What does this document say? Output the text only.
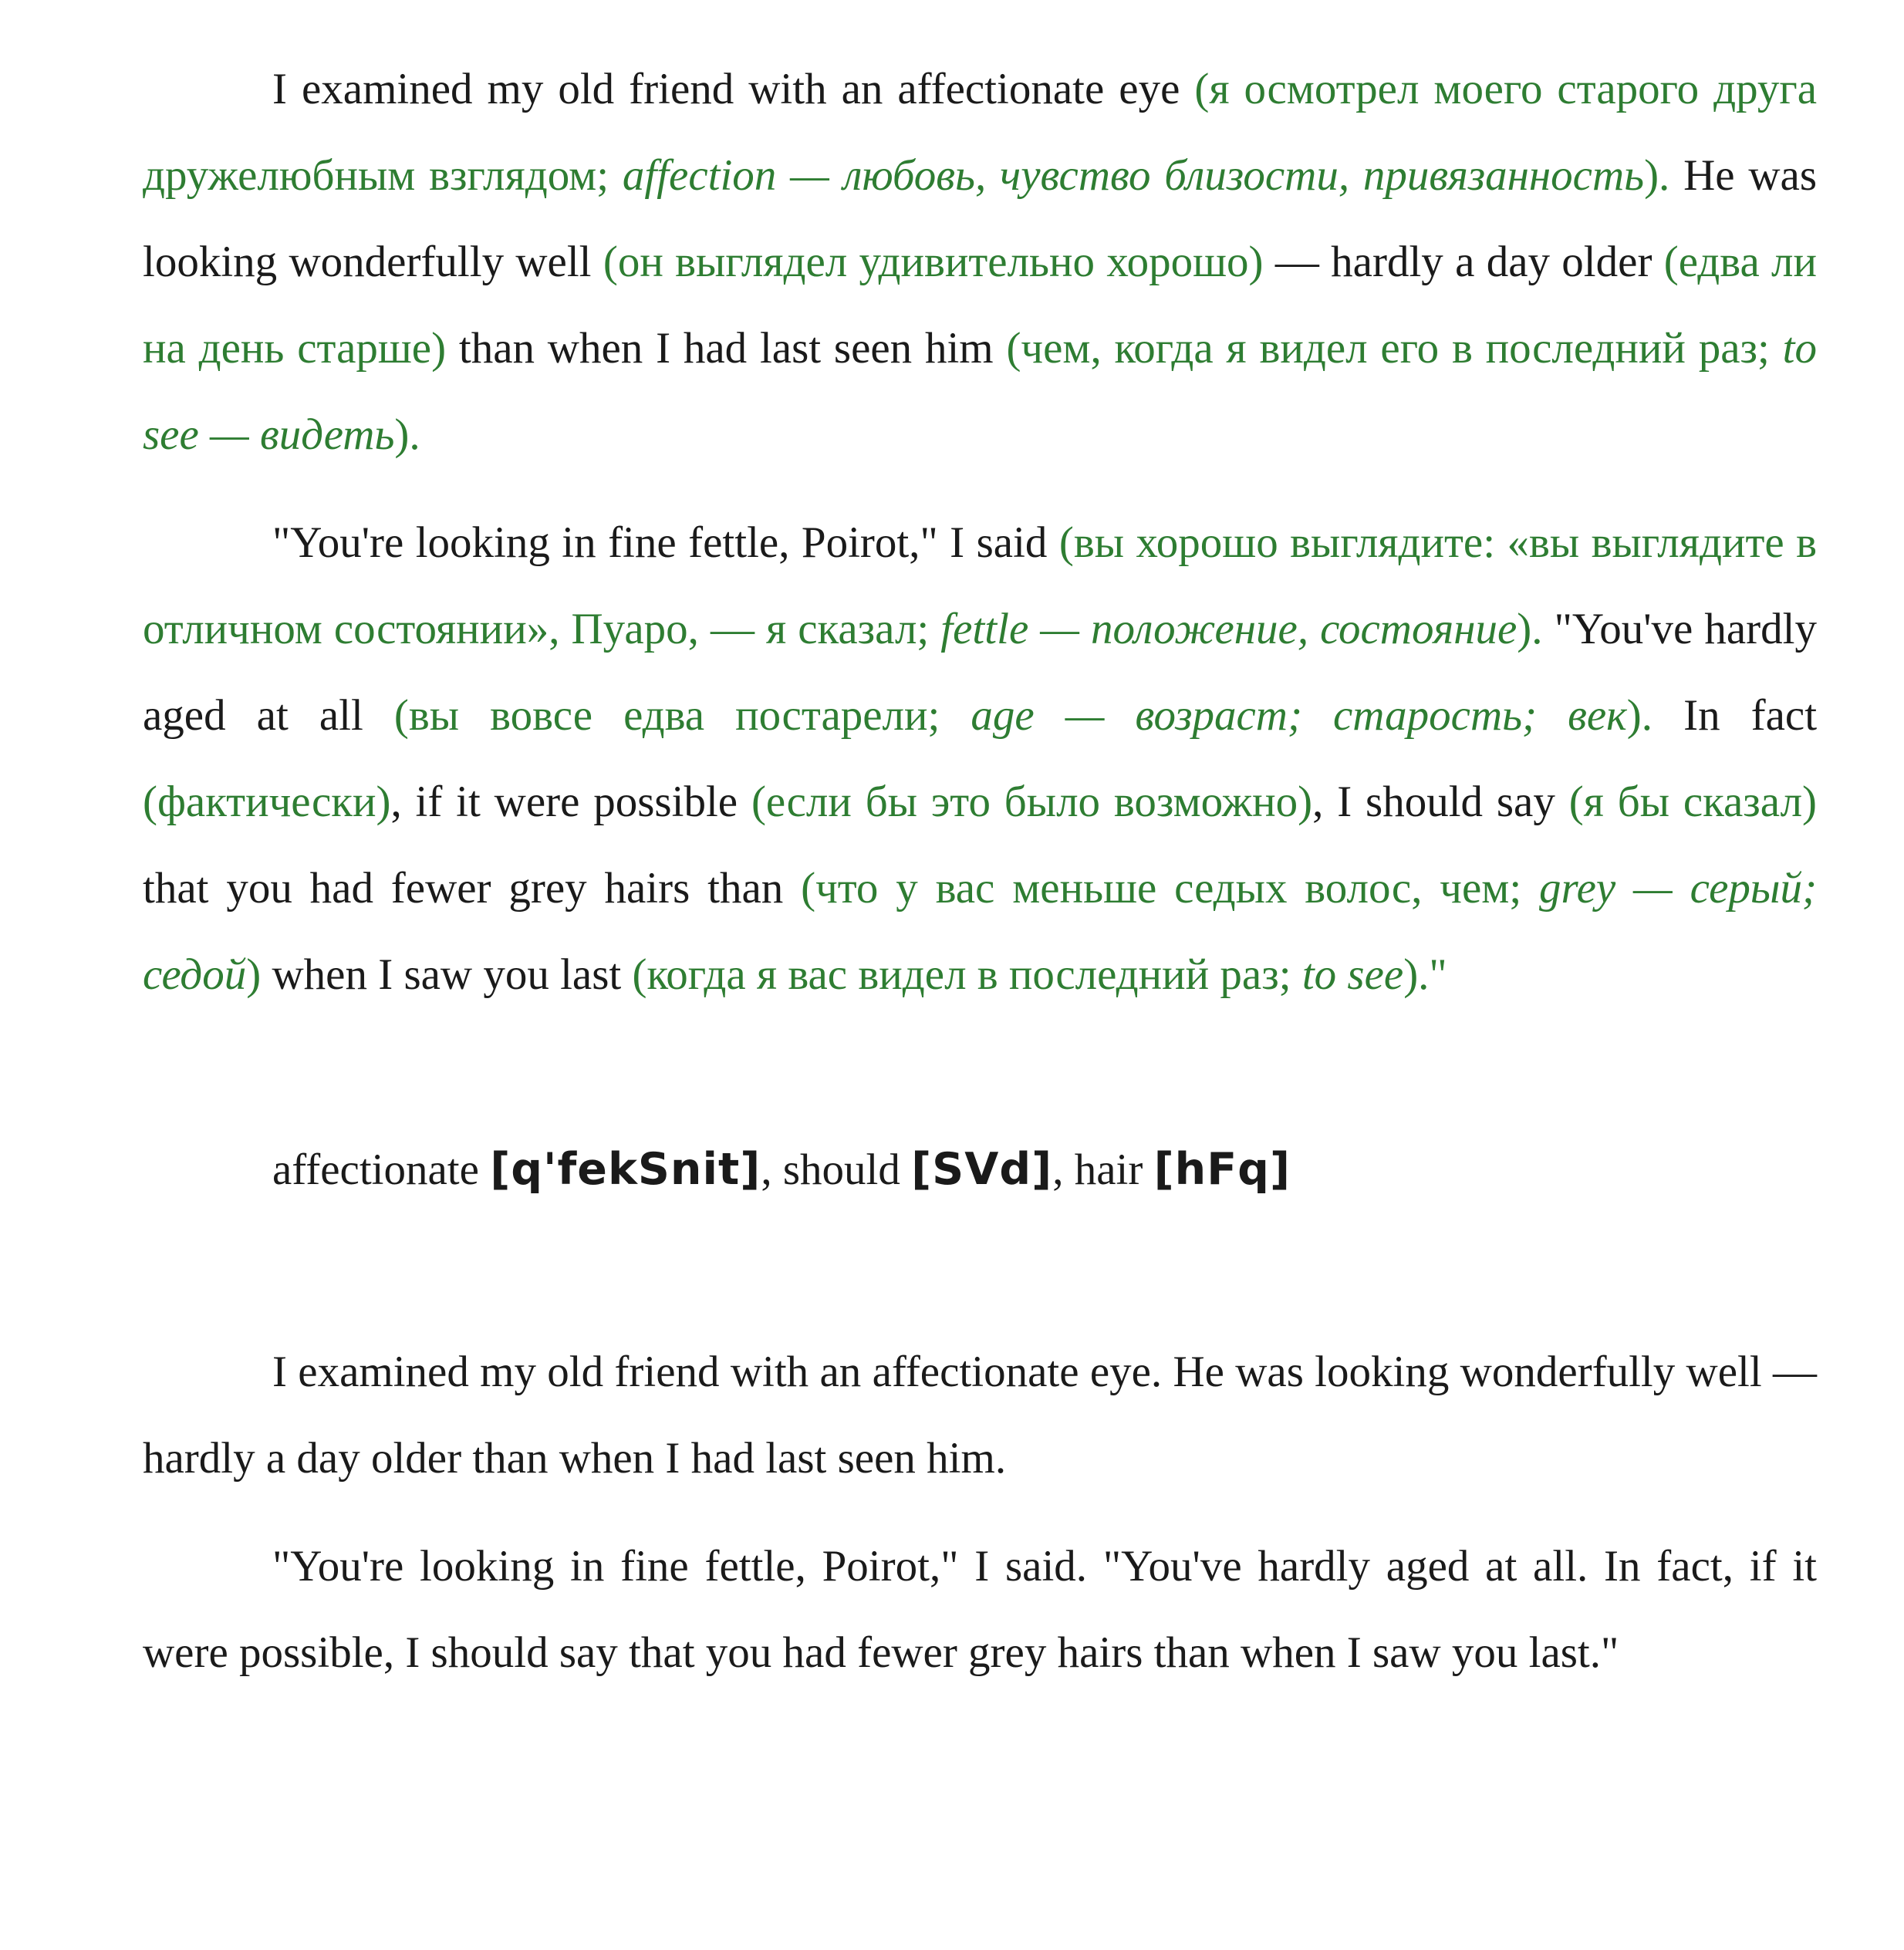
I examined my old friend with an affectionate eye (я осмотрел моего старого друга дружелюбным взглядом; affection — любовь, чувство близости, привязанность). He was looking wonderfully well (он выглядел удивительно хорошо) — hardly a day older (едва ли на день старше) than when I had last seen him (чем, когда я видел его в последний раз; to see — видеть).

"You're looking in fine fettle, Poirot," I said (вы хорошо выглядите: «вы выглядите в отличном состоянии», Пуаро, — я сказал; fettle — положение, состояние). "You've hardly aged at all (вы вовсе едва постарели; age — возраст; старость; век). In fact (фактически), if it were possible (если бы это было возможно), I should say (я бы сказал) that you had fewer grey hairs than (что у вас меньше седых волос, чем; grey — серый; седой) when I saw you last (когда я вас видел в последний раз; to see)."

affectionate [q'fekSnit], should [SVd], hair [hFq]

I examined my old friend with an affectionate eye. He was looking wonderfully well — hardly a day older than when I had last seen him.

"You're looking in fine fettle, Poirot," I said. "You've hardly aged at all. In fact, if it were possible, I should say that you had fewer grey hairs than when I saw you last."
